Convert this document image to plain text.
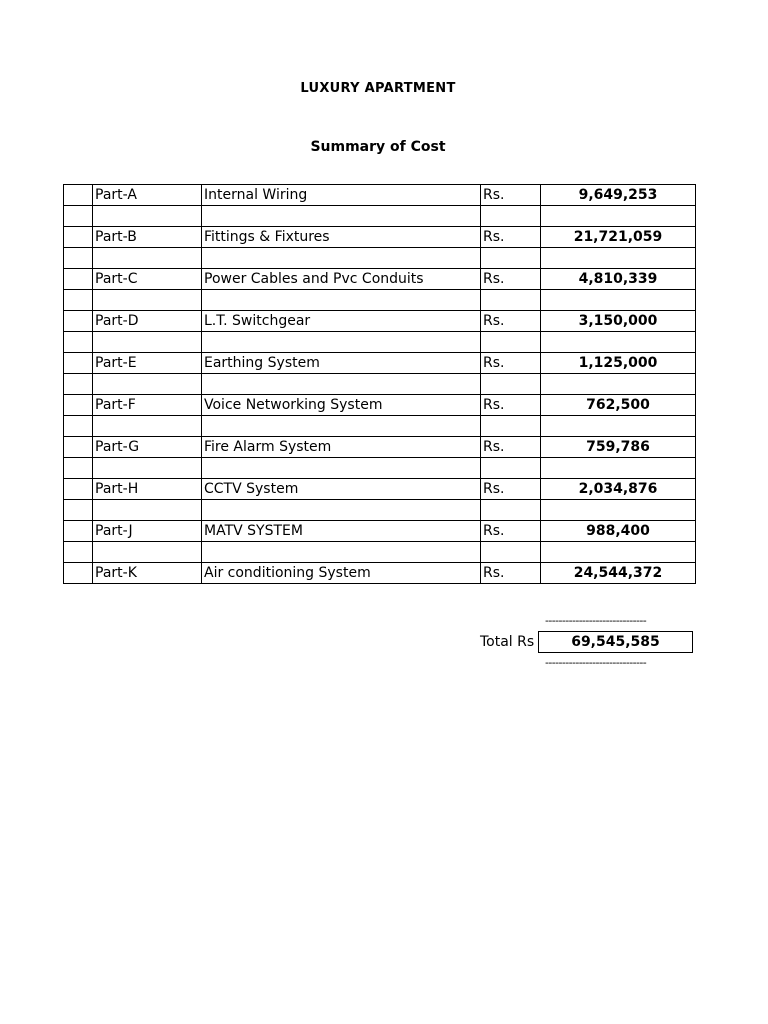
LUXURY APARTMENT
Summary of Cost
	Part-A	Internal Wiring	Rs.	9,649,253

	Part-B	Fittings & Fixtures	Rs.	21,721,059

	Part-C	Power Cables and Pvc Conduits	Rs.	4,810,339

	Part-D	L.T. Switchgear	Rs.	3,150,000

	Part-E	Earthing System	Rs.	1,125,000

	Part-F	Voice Networking System	Rs.	762,500

	Part-G	Fire Alarm System	Rs.	759,786

	Part-H	CCTV System	Rs.	2,034,876

	Part-J	MATV SYSTEM	Rs.	988,400

	Part-K	Air conditioning System	Rs.	24,544,372
------------------------------
Total Rs	69,545,585
------------------------------
